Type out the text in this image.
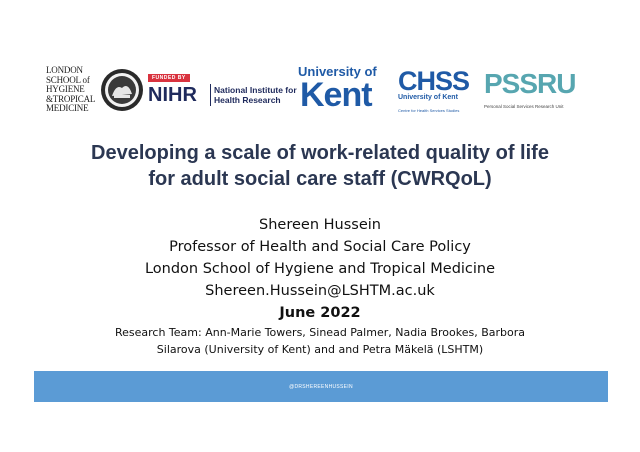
LONDON
SCHOOL of
HYGIENE
&TROPICAL
MEDICINE
FUNDED BY
NIHR National Institute for Health Research
University of
Kent CHSS
University of Kent
Centre for Health Services Studies
PSSRU
Personal Social Services Research Unit
Developing a scale of work-related quality of life
for adult social care staff (CWRQoL)
Shereen Hussein
Professor of Health and Social Care Policy
London School of Hygiene and Tropical Medicine
Shereen.Hussein@LSHTM.ac.uk
June 2022
Research Team: Ann-Marie Towers, Sinead Palmer, Nadia Brookes, Barbora
Silarova (University of Kent) and and Petra Mäkelä (LSHTM)
@DRSHEREENHUSSEIN
